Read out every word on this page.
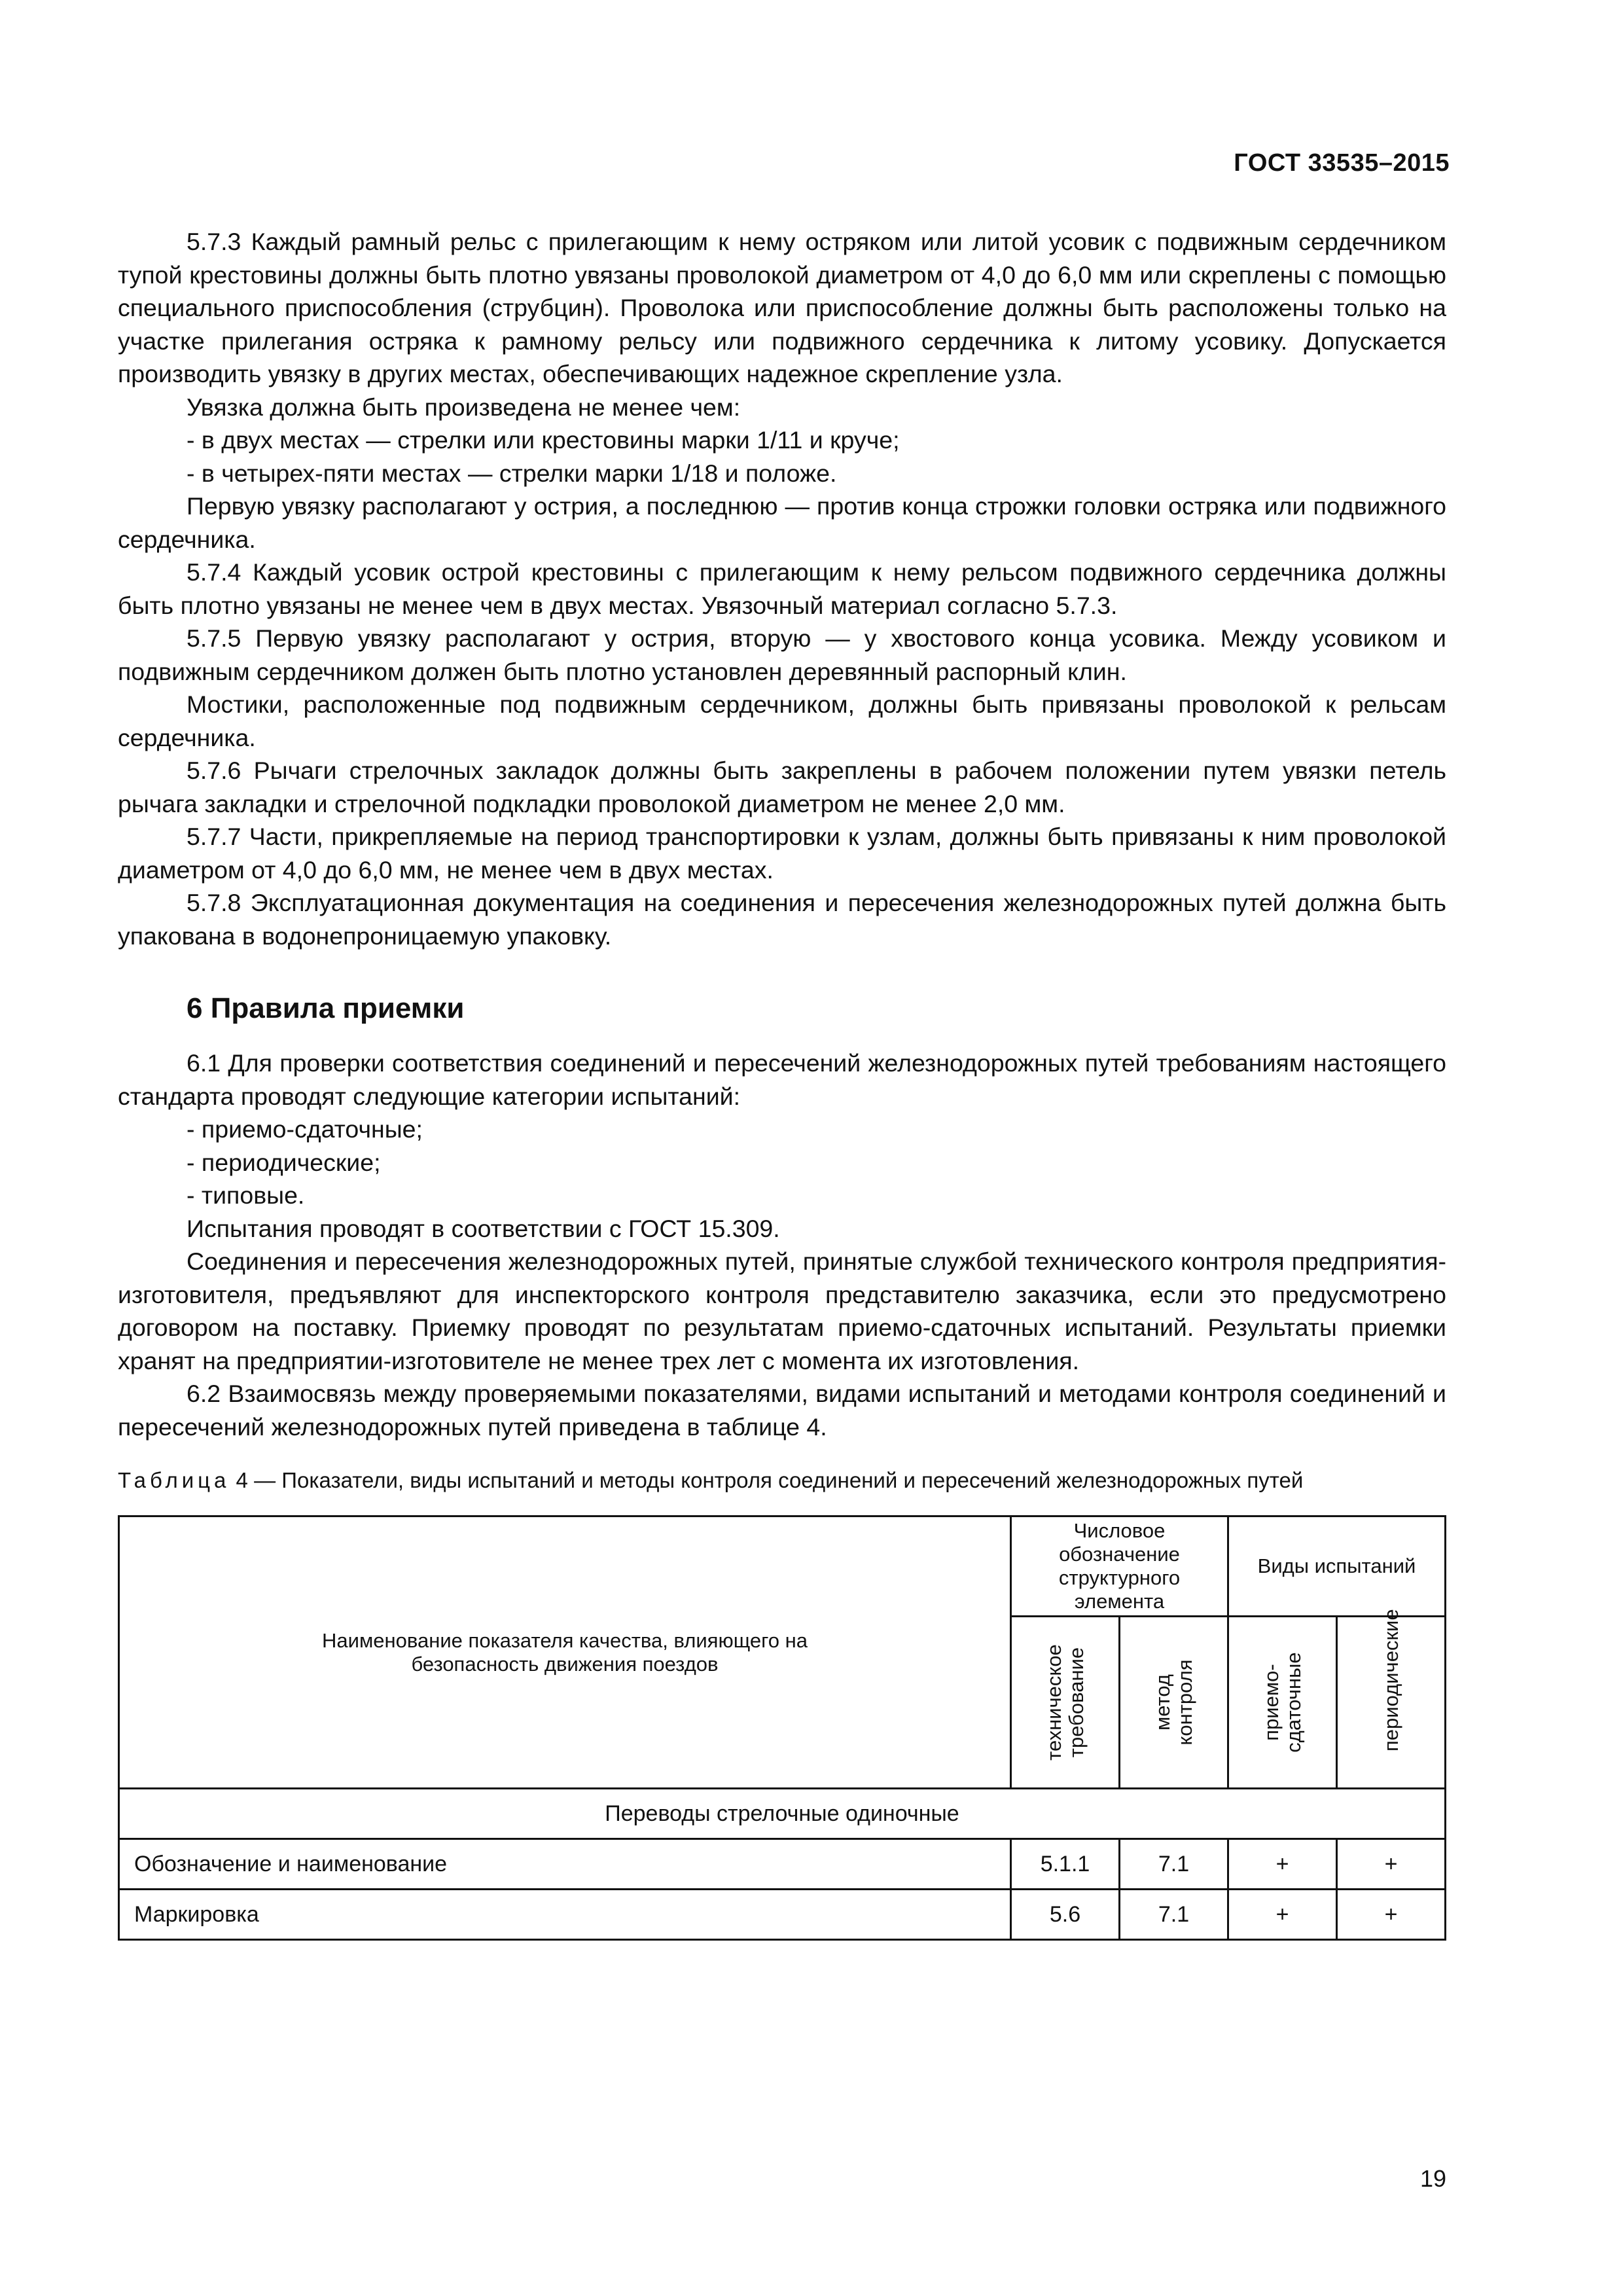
ГОСТ 33535–2015

5.7.3 Каждый рамный рельс с прилегающим к нему остряком или литой усовик с подвижным сердечником тупой крестовины должны быть плотно увязаны проволокой диаметром от 4,0 до 6,0 мм или скреплены с помощью специального приспособления (струбцин). Проволока или приспособление должны быть расположены только на участке прилегания остряка к рамному рельсу или подвижного сердечника к литому усовику. Допускается производить увязку в других местах, обеспечивающих надежное скрепление узла.

Увязка должна быть произведена не менее чем:

- в двух местах — стрелки или крестовины марки 1/11 и круче;

- в четырех-пяти местах — стрелки марки 1/18 и положе.

Первую увязку располагают у острия, а последнюю — против конца строжки головки остряка или подвижного сердечника.

5.7.4 Каждый усовик острой крестовины с прилегающим к нему рельсом подвижного сердечника должны быть плотно увязаны не менее чем в двух местах. Увязочный материал согласно 5.7.3.

5.7.5 Первую увязку располагают у острия, вторую — у хвостового конца усовика. Между усовиком и подвижным сердечником должен быть плотно установлен деревянный распорный клин.

Мостики, расположенные под подвижным сердечником, должны быть привязаны проволокой к рельсам сердечника.

5.7.6 Рычаги стрелочных закладок должны быть закреплены в рабочем положении путем увязки петель рычага закладки и стрелочной подкладки проволокой диаметром не менее 2,0 мм.

5.7.7 Части, прикрепляемые на период транспортировки к узлам, должны быть привязаны к ним проволокой диаметром от 4,0 до 6,0 мм, не менее чем в двух местах.

5.7.8 Эксплуатационная документация на соединения и пересечения железнодорожных путей должна быть упакована в водонепроницаемую упаковку.

6 Правила приемки

6.1 Для проверки соответствия соединений и пересечений железнодорожных путей требованиям настоящего стандарта проводят следующие категории испытаний:

- приемо-сдаточные;

- периодические;

- типовые.

Испытания проводят в соответствии с ГОСТ 15.309.

Соединения и пересечения железнодорожных путей, принятые службой технического контроля предприятия-изготовителя, предъявляют для инспекторского контроля представителю заказчика, если это предусмотрено договором на поставку. Приемку проводят по результатам приемо-сдаточных испытаний. Результаты приемки хранят на предприятии-изготовителе не менее трех лет с момента их изготовления.

6.2 Взаимосвязь между проверяемыми показателями, видами испытаний и методами контроля соединений и пересечений железнодорожных путей приведена в таблице 4.

Таблица 4 — Показатели, виды испытаний и методы контроля соединений и пересечений железнодорожных путей
Наименование показателя качества, влияющего на безопасность движения поездов	Числовое обозначение структурного элемента		Виды испытаний	

	техническое требование	метод контроля	приемо-сдаточные	периодические

Переводы стрелочные одиночные				
Обозначение и наименование	5.1.1	7.1	+	+
Маркировка	5.6	7.1	+	+
19
